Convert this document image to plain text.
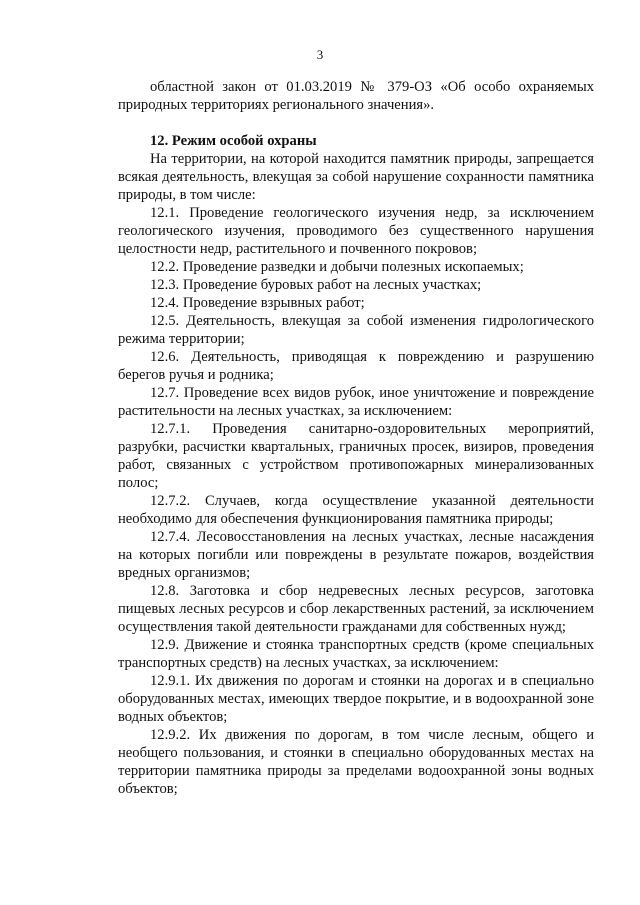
3

областной закон от 01.03.2019 № 379-ОЗ «Об особо охраняемых природных территориях регионального значения».

12. Режим особой охраны

На территории, на которой находится памятник природы, запрещается всякая деятельность, влекущая за собой нарушение сохранности памятника природы, в том числе:

12.1. Проведение геологического изучения недр, за исключением геологического изучения, проводимого без существенного нарушения целостности недр, растительного и почвенного покровов;

12.2. Проведение разведки и добычи полезных ископаемых;

12.3. Проведение буровых работ на лесных участках;

12.4. Проведение взрывных работ;

12.5. Деятельность, влекущая за собой изменения гидрологического режима территории;

12.6. Деятельность, приводящая к повреждению и разрушению берегов ручья и родника;

12.7. Проведение всех видов рубок, иное уничтожение и повреждение растительности на лесных участках, за исключением:

12.7.1. Проведения санитарно-оздоровительных мероприятий, разрубки, расчистки квартальных, граничных просек, визиров, проведения работ, связанных с устройством противопожарных минерализованных полос;

12.7.2. Случаев, когда осуществление указанной деятельности необходимо для обеспечения функционирования памятника природы;

12.7.4. Лесовосстановления на лесных участках, лесные насаждения на которых погибли или повреждены в результате пожаров, воздействия вредных организмов;

12.8. Заготовка и сбор недревесных лесных ресурсов, заготовка пищевых лесных ресурсов и сбор лекарственных растений, за исключением осуществления такой деятельности гражданами для собственных нужд;

12.9. Движение и стоянка транспортных средств (кроме специальных транспортных средств) на лесных участках, за исключением:

12.9.1. Их движения по дорогам и стоянки на дорогах и в специально оборудованных местах, имеющих твердое покрытие, и в водоохранной зоне водных объектов;

12.9.2. Их движения по дорогам, в том числе лесным, общего и необщего пользования, и стоянки в специально оборудованных местах на территории памятника природы за пределами водоохранной зоны водных объектов;
